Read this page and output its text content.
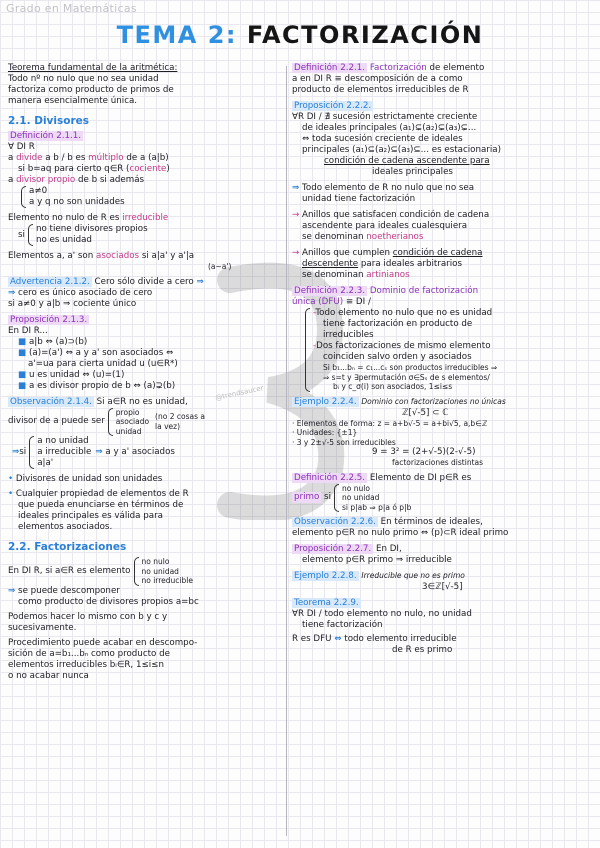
Grado en Matemáticas
@trendsaucer
TEMA 2: FACTORIZACIÓN
Teorema fundamental de la aritmética:
Todo nº no nulo que no sea unidad
factoriza como producto de primos de
manera esencialmente única.
2.1. Divisores
Definición 2.1.1.
∀ DI R
a divide a b / b es múltiplo de a (a|b)
si b=aq para cierto q∈R (cociente)
a divisor propio de b si además
a≠0
a y q no son unidades
Elemento no nulo de R es irreducible
si
no tiene divisores propios
no es unidad
Elementos a, a' son asociados si a|a' y a'|a
(a~a')
Advertencia 2.1.2. Cero sólo divide a cero ⇒
⇒ cero es único asociado de cero
si a≠0 y a|b ⇒ cociente único
Proposición 2.1.3.
En DI R...
■ a|b ⇔ (a)⊃(b)
■ (a)=(a') ⇔ a y a' son asociados ⇔
a'=ua para cierta unidad u (u∈R*)
■ u es unidad ⇔ (u)=(1)
■ a es divisor propio de b ⇔ (a)⊋(b)
Observación 2.1.4. Si a∈R no es unidad,
divisor de a puede ser
propio
asociado
unidad
(no 2 cosas a la vez)
⇒ si
a no unidad
a irreducible
a|a'
⇒
a y a' asociados
• Divisores de unidad son unidades
• Cualquier propiedad de elementos de R
que pueda enunciarse en términos de
ideales principales es válida para
elementos asociados.
2.2. Factorizaciones
En DI R, si a∈R es elemento
no nulo
no unidad
no irreducible
⇒ se puede descomponer
como producto de divisores propios a=bc
Podemos hacer lo mismo con b y c y
sucesivamente.
Procedimiento puede acabar en descompo-
sición de a=b₁...bₙ como producto de
elementos irreducibles bᵢ∈R, 1≤i≤n
o no acabar nunca
Definición 2.2.1. Factorización de elemento
a en DI R ≡ descomposición de a como
producto de elementos irreducibles de R
Proposición 2.2.2.
∀R DI / ∄ sucesión estrictamente creciente
de ideales principales (a₁)⊊(a₂)⊊(a₃)⊊...
⇔ toda sucesión creciente de ideales
principales (a₁)⊆(a₂)⊆(a₃)⊆... es estacionaria)
condición de cadena ascendente para
ideales principales
⇒ Todo elemento de R no nulo que no sea
unidad tiene factorización
→ Anillos que satisfacen condición de cadena
ascendente para ideales cualesquiera
se denominan noetherianos
→ Anillos que cumplen condición de cadena
descendente para ideales arbitrarios
se denominan artinianos
Definición 2.2.3. Dominio de factorización
única (DFU) ≡ DI /
-Todo elemento no nulo que no es unidad
tiene factorización en producto de
irreducibles
-Dos factorizaciones de mismo elemento
coinciden salvo orden y asociados
Si b₁...bₙ = c₁...cₛ son productos irreducibles ⇒
⇒ s=t y ∃permutación σ∈Sₛ de s elementos/
bᵢ y c_σ(i) son asociados, 1≤i≤s
Ejemplo 2.2.4. Dominio con factorizaciones no únicas
ℤ[√-5] ⊂ ℂ
· Elementos de forma: z = a+b√-5 = a+bi√5, a,b∈ℤ
· Unidades: {±1}
· 3 y 2±√-5 son irreducibles
9 = 3² = (2+√-5)(2-√-5)
factorizaciones distintas
Definición 2.2.5. Elemento de DI p∈R es
primo
si
no nulo
no unidad
si p|ab ⇒ p|a ó p|b
Observación 2.2.6. En términos de ideales,
elemento p∈R no nulo primo ⇔ (p)⊂R ideal primo
Proposición 2.2.7. En DI,
elemento p∈R primo ⇒ irreducible
Ejemplo 2.2.8. Irreducible que no es primo
3∈ℤ[√-5]
Teorema 2.2.9.
∀R DI / todo elemento no nulo, no unidad
tiene factorización
R es DFU ⇔ todo elemento irreducible
de R es primo
